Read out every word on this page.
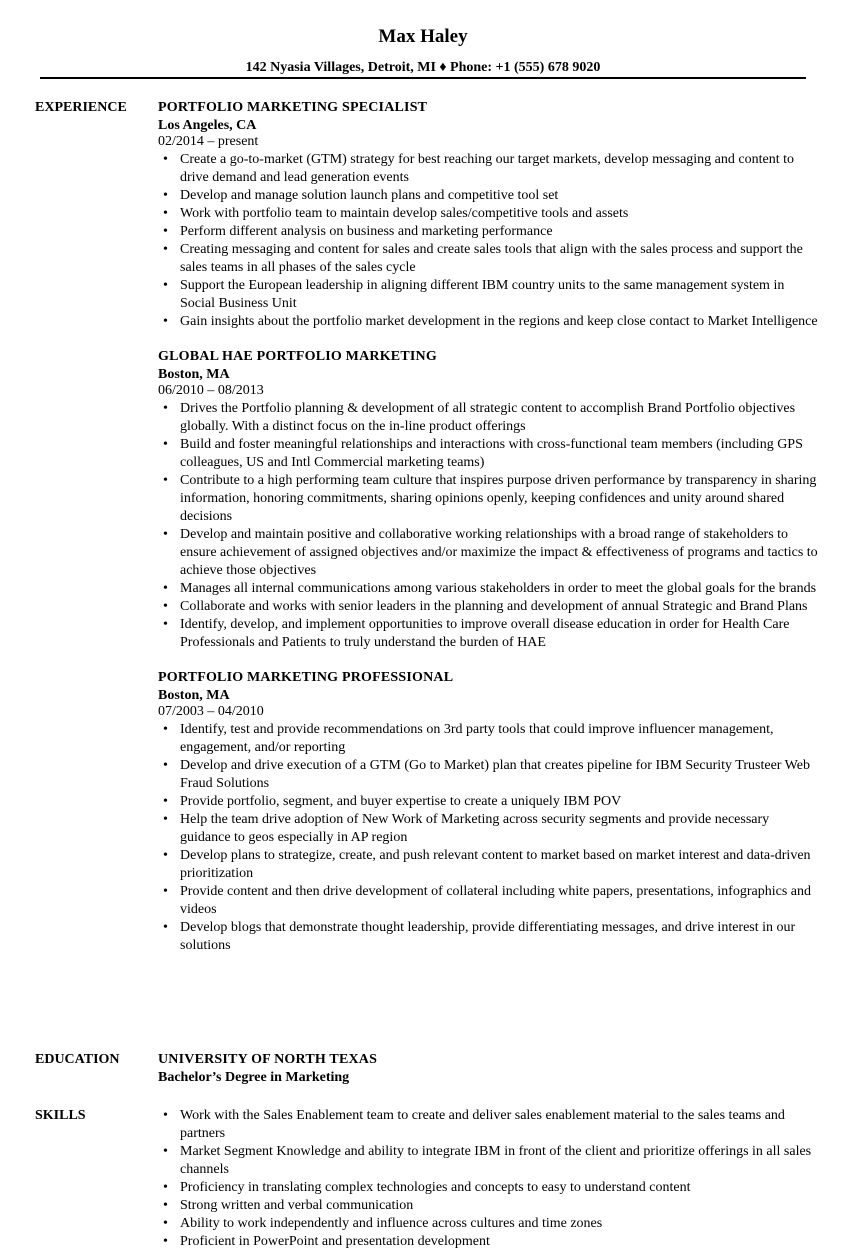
Max Haley
142 Nyasia Villages, Detroit, MI ♦ Phone: +1 (555) 678 9020
EXPERIENCE PORTFOLIO MARKETING SPECIALIST
Los Angeles, CA
02/2014 – present
• Create a go-to-market (GTM) strategy for best reaching our target markets, develop messaging and content to drive demand and lead generation events
• Develop and manage solution launch plans and competitive tool set
• Work with portfolio team to maintain develop sales/competitive tools and assets
• Perform different analysis on business and marketing performance
• Creating messaging and content for sales and create sales tools that align with the sales process and support the sales teams in all phases of the sales cycle
• Support the European leadership in aligning different IBM country units to the same management system in Social Business Unit
• Gain insights about the portfolio market development in the regions and keep close contact to Market Intelligence
GLOBAL HAE PORTFOLIO MARKETING
Boston, MA
06/2010 – 08/2013
• Drives the Portfolio planning & development of all strategic content to accomplish Brand Portfolio objectives globally. With a distinct focus on the in-line product offerings
• Build and foster meaningful relationships and interactions with cross-functional team members (including GPS colleagues, US and Intl Commercial marketing teams)
• Contribute to a high performing team culture that inspires purpose driven performance by transparency in sharing information, honoring commitments, sharing opinions openly, keeping confidences and unity around shared decisions
• Develop and maintain positive and collaborative working relationships with a broad range of stakeholders to ensure achievement of assigned objectives and/or maximize the impact & effectiveness of programs and tactics to achieve those objectives
• Manages all internal communications among various stakeholders in order to meet the global goals for the brands
• Collaborate and works with senior leaders in the planning and development of annual Strategic and Brand Plans
• Identify, develop, and implement opportunities to improve overall disease education in order for Health Care Professionals and Patients to truly understand the burden of HAE
PORTFOLIO MARKETING PROFESSIONAL
Boston, MA
07/2003 – 04/2010
• Identify, test and provide recommendations on 3rd party tools that could improve influencer management, engagement, and/or reporting
• Develop and drive execution of a GTM (Go to Market) plan that creates pipeline for IBM Security Trusteer Web Fraud Solutions
• Provide portfolio, segment, and buyer expertise to create a uniquely IBM POV
• Help the team drive adoption of New Work of Marketing across security segments and provide necessary guidance to geos especially in AP region
• Develop plans to strategize, create, and push relevant content to market based on market interest and data-driven prioritization
• Provide content and then drive development of collateral including white papers, presentations, infographics and videos
• Develop blogs that demonstrate thought leadership, provide differentiating messages, and drive interest in our solutions
EDUCATION	UNIVERSITY OF NORTH TEXAS
Bachelor’s Degree in Marketing
SKILLS	• Work with the Sales Enablement team to create and deliver sales enablement material to the sales teams and partners
• Market Segment Knowledge and ability to integrate IBM in front of the client and prioritize offerings in all sales channels
• Proficiency in translating complex technologies and concepts to easy to understand content
• Strong written and verbal communication
• Ability to work independently and influence across cultures and time zones
• Proficient in PowerPoint and presentation development
